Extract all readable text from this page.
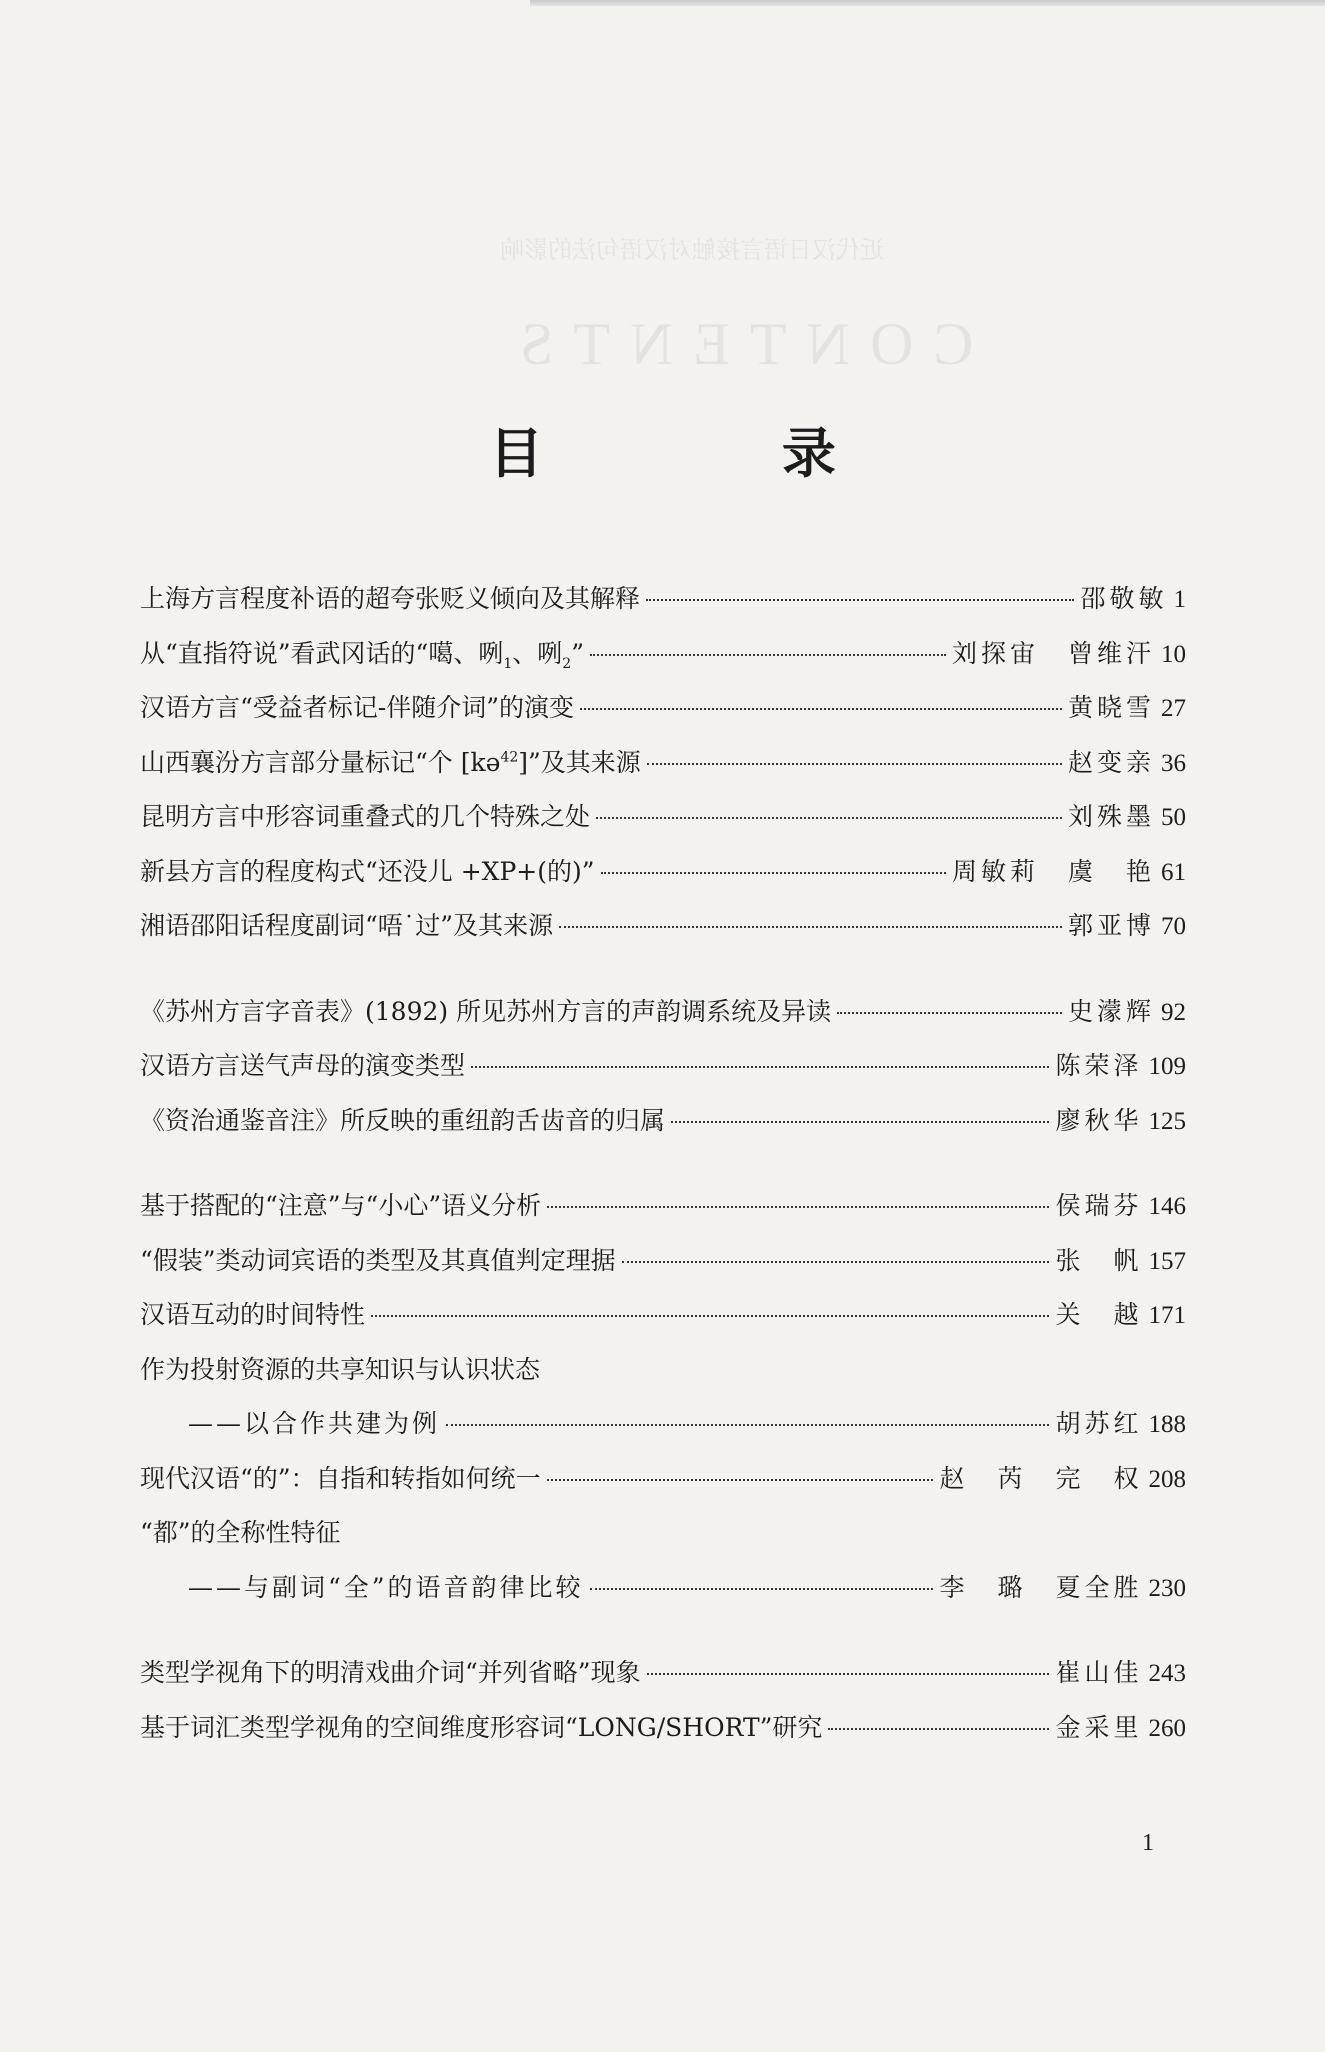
近代汉日语言接触对汉语句法的影响
CONTENTS
目 录
上海方言程度补语的超夸张贬义倾向及其解释	邵敬敏 1
从“直指符说”看武冈话的“噶、咧$_1$、咧$_2$”	刘探宙　曾维汗 10
汉语方言“受益者标记-伴随介词”的演变	黄晓雪 27
山西襄汾方言部分量标记“个 [kə$^{42}$]”及其来源	赵变亲 36
昆明方言中形容词重叠式的几个特殊之处	刘殊墨 50
新县方言的程度构式“还没儿 +XP+(的)”	周敏莉　虞　艳 61
湘语邵阳话程度副词“唔˙过”及其来源	郭亚博 70
《苏州方言字音表》(1892) 所见苏州方言的声韵调系统及异读	史濛辉 92
汉语方言送气声母的演变类型	陈荣泽 109
《资治通鉴音注》所反映的重纽韵舌齿音的归属	廖秋华 125
基于搭配的“注意”与“小心”语义分析	侯瑞芬 146
“假装”类动词宾语的类型及其真值判定理据	张　帆 157
汉语互动的时间特性	关　越 171
作为投射资源的共享知识与认识状态
——以合作共建为例	胡苏红 188
现代汉语“的”：自指和转指如何统一	赵　芮　完　权 208
“都”的全称性特征
——与副词“全”的语音韵律比较	李　璐　夏全胜 230
类型学视角下的明清戏曲介词“并列省略”现象	崔山佳 243
基于词汇类型学视角的空间维度形容词“LONG/SHORT”研究	金采里 260
1
